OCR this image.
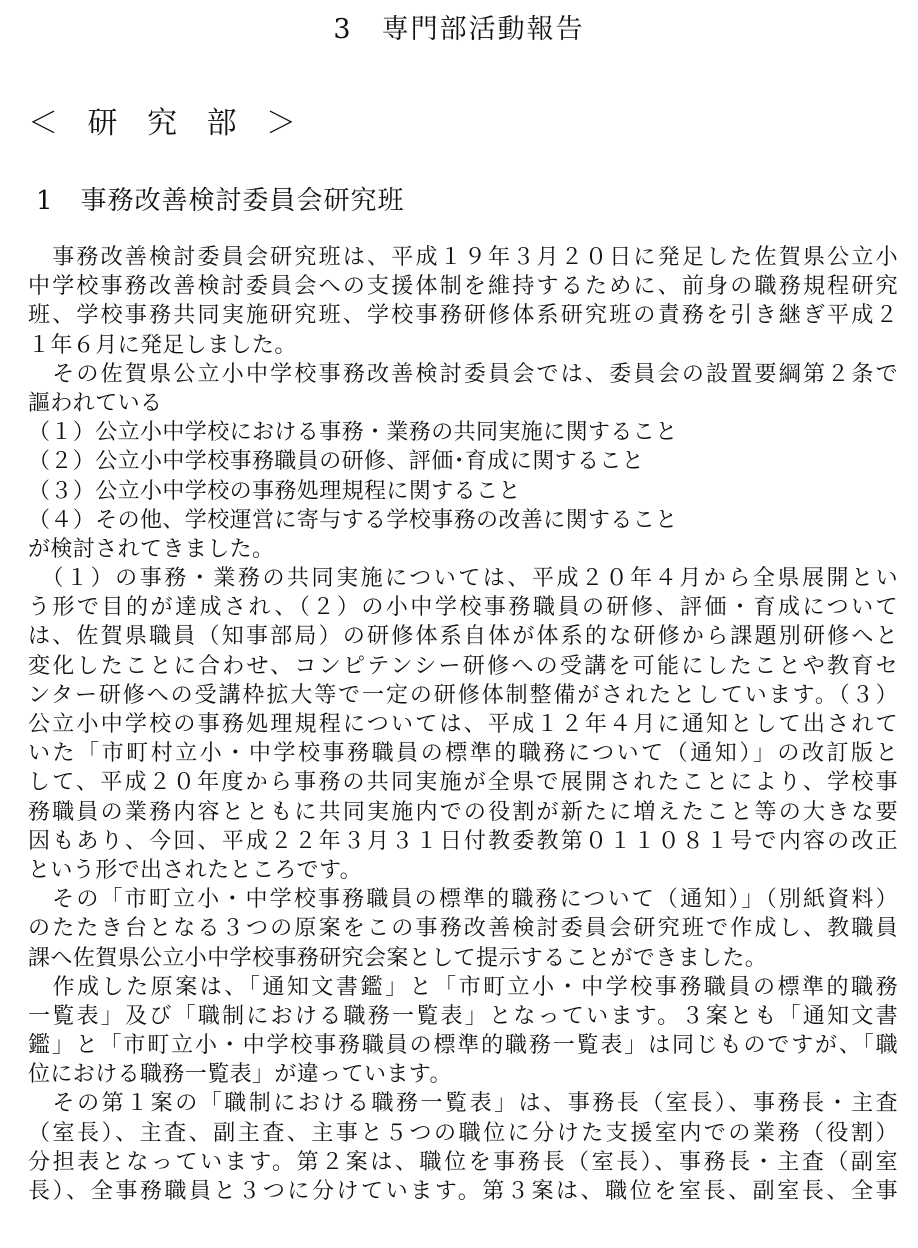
3　専門部活動報告
＜ 研 究 部 ＞
1　事務改善検討委員会研究班
　事務改善検討委員会研究班は、平成１９年３月２０日に発足した佐賀県公立小
中学校事務改善検討委員会への支援体制を維持するために、前身の職務規程研究
班、学校事務共同実施研究班、学校事務研修体系研究班の責務を引き継ぎ平成２
１年６月に発足しました。
　その佐賀県公立小中学校事務改善検討委員会では、委員会の設置要綱第２条で
謳われている
（１）公立小中学校における事務・業務の共同実施に関すること
（２）公立小中学校事務職員の研修、評価･育成に関すること
（３）公立小中学校の事務処理規程に関すること
（４）その他、学校運営に寄与する学校事務の改善に関すること
が検討されてきました。
　（１）の事務・業務の共同実施については、平成２０年４月から全県展開とい
う形で目的が達成され、（２）の小中学校事務職員の研修、評価・育成について
は、佐賀県職員（知事部局）の研修体系自体が体系的な研修から課題別研修へと
変化したことに合わせ、コンピテンシー研修への受講を可能にしたことや教育セ
ンター研修への受講枠拡大等で一定の研修体制整備がされたとしています。（３）
公立小中学校の事務処理規程については、平成１２年４月に通知として出されて
いた「市町村立小・中学校事務職員の標準的職務について（通知）」の改訂版と
して、平成２０年度から事務の共同実施が全県で展開されたことにより、学校事
務職員の業務内容とともに共同実施内での役割が新たに増えたこと等の大きな要
因もあり、今回、平成２２年３月３１日付教委教第０１１０８１号で内容の改正
という形で出されたところです。
　その「市町立小・中学校事務職員の標準的職務について（通知）」（別紙資料）
のたたき台となる３つの原案をこの事務改善検討委員会研究班で作成し、教職員
課へ佐賀県公立小中学校事務研究会案として提示することができました。
　作成した原案は、「通知文書鑑」と「市町立小・中学校事務職員の標準的職務
一覧表」及び「職制における職務一覧表」となっています。３案とも「通知文書
鑑」と「市町立小・中学校事務職員の標準的職務一覧表」は同じものですが、「職
位における職務一覧表」が違っています。
　その第１案の「職制における職務一覧表」は、事務長（室長）、事務長・主査
（室長）、主査、副主査、主事と５つの職位に分けた支援室内での業務（役割）
分担表となっています。第２案は、職位を事務長（室長）、事務長・主査（副室
長）、全事務職員と３つに分けています。第３案は、職位を室長、副室長、全事
